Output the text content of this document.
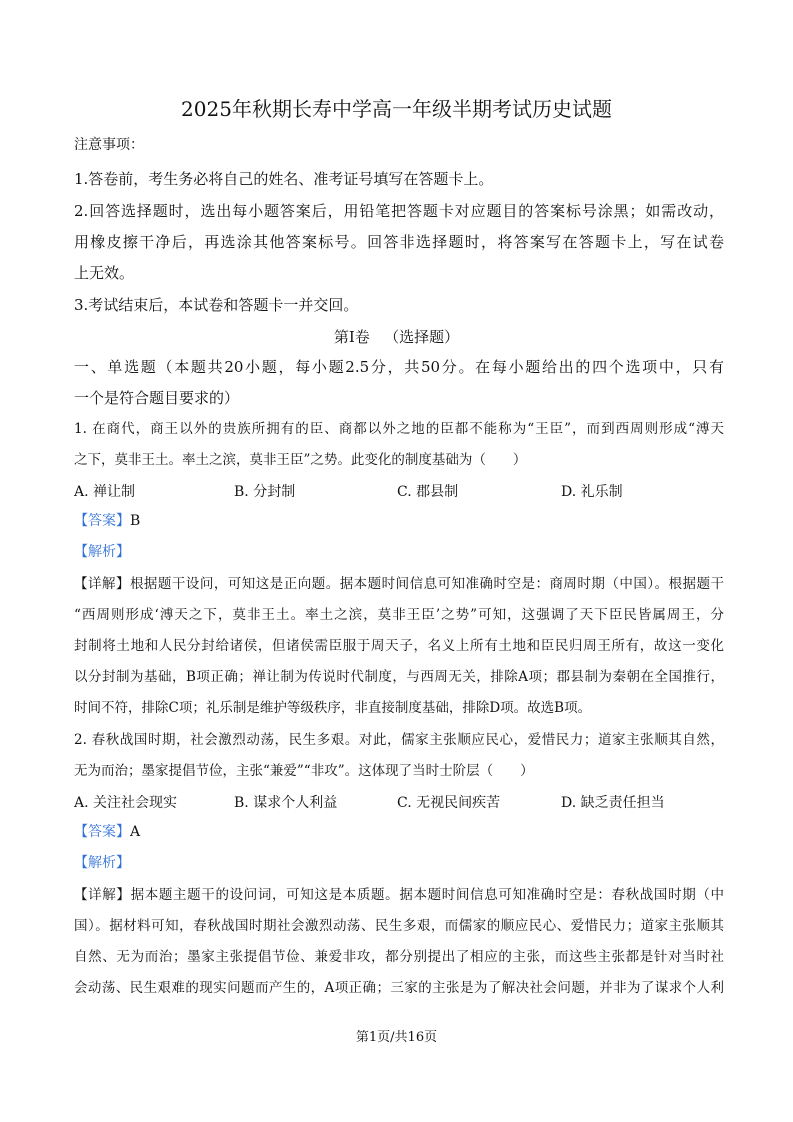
2025年秋期长寿中学高一年级半期考试历史试题
注意事项：
1.答卷前，考生务必将自己的姓名、准考证号填写在答题卡上。
2.回答选择题时，选出每小题答案后，用铅笔把答题卡对应题目的答案标号涂黑；如需改动，
用橡皮擦干净后，再选涂其他答案标号。回答非选择题时，将答案写在答题卡上，写在试卷
上无效。
3.考试结束后，本试卷和答题卡一并交回。
第Ⅰ卷   （选择题）
一、单选题（本题共20小题，每小题2.5分，共50分。在每小题给出的四个选项中，只有
一个是符合题目要求的）
1. 在商代，商王以外的贵族所拥有的臣、商都以外之地的臣都不能称为“王臣”，而到西周则形成“溥天
之下，莫非王土。率土之滨，莫非王臣”之势。此变化的制度基础为（　　）
A. 禅让制	B. 分封制	C. 郡县制	D. 礼乐制
【答案】B
【解析】
【详解】根据题干设问，可知这是正向题。据本题时间信息可知准确时空是：商周时期（中国）。根据题干
“西周则形成‘溥天之下，莫非王土。率土之滨，莫非王臣’之势”可知，这强调了天下臣民皆属周王，分
封制将土地和人民分封给诸侯，但诸侯需臣服于周天子，名义上所有土地和臣民归周王所有，故这一变化
以分封制为基础，B项正确；禅让制为传说时代制度，与西周无关，排除A项；郡县制为秦朝在全国推行，
时间不符，排除C项；礼乐制是维护等级秩序，非直接制度基础，排除D项。故选B项。
2. 春秋战国时期，社会激烈动荡，民生多艰。对此，儒家主张顺应民心，爱惜民力；道家主张顺其自然，
无为而治；墨家提倡节俭，主张“兼爱”“非攻”。这体现了当时士阶层（　　）
A. 关注社会现实	B. 谋求个人利益	C. 无视民间疾苦	D. 缺乏责任担当
【答案】A
【解析】
【详解】据本题主题干的设问词，可知这是本质题。据本题时间信息可知准确时空是：春秋战国时期（中
国）。据材料可知，春秋战国时期社会激烈动荡、民生多艰，而儒家的顺应民心、爱惜民力；道家主张顺其
自然、无为而治；墨家主张提倡节俭、兼爱非攻，都分别提出了相应的主张，而这些主张都是针对当时社
会动荡、民生艰难的现实问题而产生的，A项正确；三家的主张是为了解决社会问题，并非为了谋求个人利
第1页/共16页
